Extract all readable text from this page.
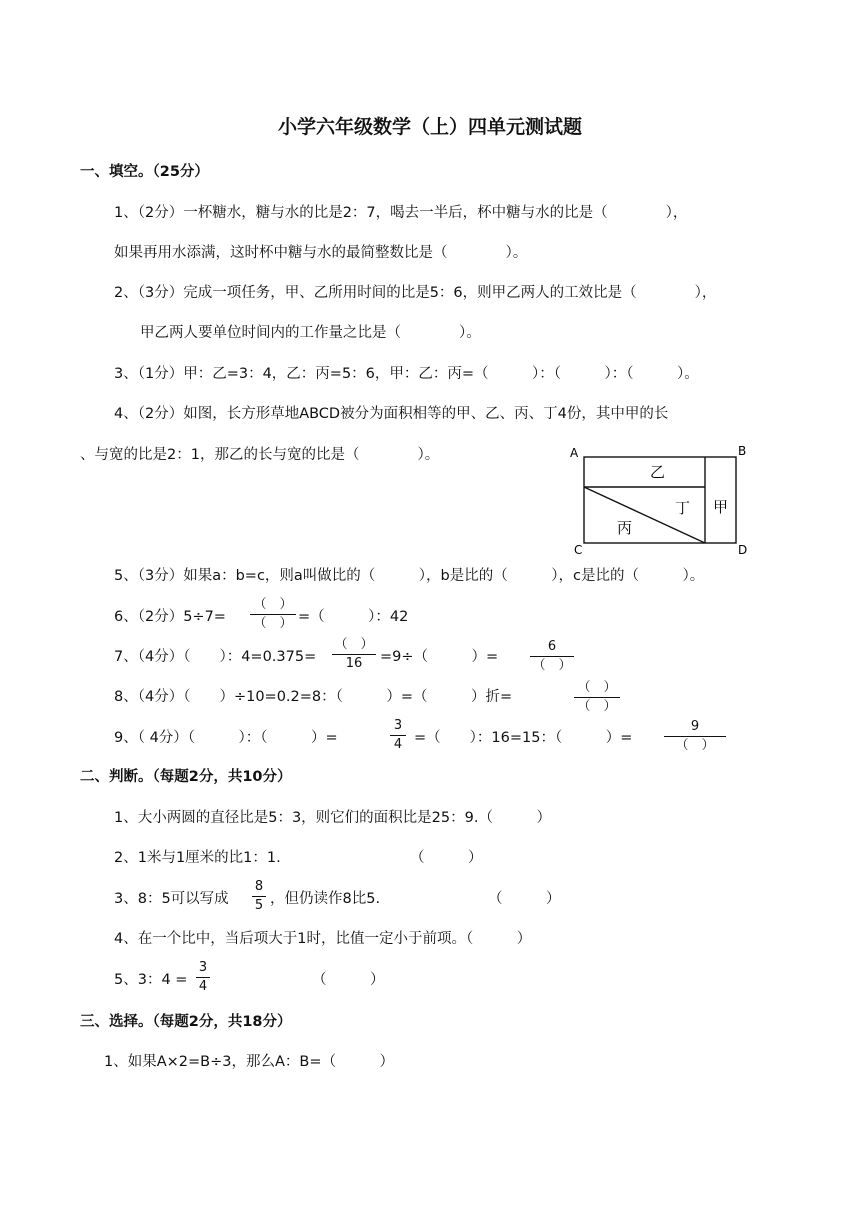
小学六年级数学（上）四单元测试题
一、填空。（25分）
1、（2分）一杯糖水，糖与水的比是2：7，喝去一半后，杯中糖与水的比是（　　　　），
如果再用水添满，这时杯中糖与水的最简整数比是（　　　　）。
2、（3分）完成一项任务，甲、乙所用时间的比是5：6，则甲乙两人的工效比是（　　　　），
甲乙两人要单位时间内的工作量之比是（　　　　）。
3、（1分）甲：乙=3：4，乙：丙=5：6，甲：乙：丙=（　　　）：（　　　）：（　　　）。
4、（2分）如图，长方形草地ABCD被分为面积相等的甲、乙、丙、丁4份，其中甲的长
、与宽的比是2：1，那乙的长与宽的比是（　　　　）。	A	B
C	D
乙
丁
丙
甲
5、（3分）如果a：b=c，则a叫做比的（　　　），b是比的（　　　），c是比的（　　　）。
6、（2分）5÷7=
（　）
（　） =（　　　）：42
7、（4分）（　　）：4=0.375=
（　）
16	=9÷（　　　）=
6
（　）
8、（4分）（　　）÷10=0.2=8：（　　　）=（　　　）折=
（　）
（　）
9、（ 4分）（　　　）：（　　　）=
3
4 =（　　）：16=15：（　　　）=
9
（　）
二、判断。（每题2分，共10分）
1、大小两圆的直径比是5：3，则它们的面积比是25：9.（　　　）
2、1米与1厘米的比1：1.	（　　　）
3、8：5可以写成
8
5 ，但仍读作8比5.	（　　　）
4、在一个比中，当后项大于1时，比值一定小于前项。（　　　）
5、3：4 =
3
4	（　　　）
三、选择。（每题2分，共18分）
1、如果A×2=B÷3，那么A：B=（　　　）
